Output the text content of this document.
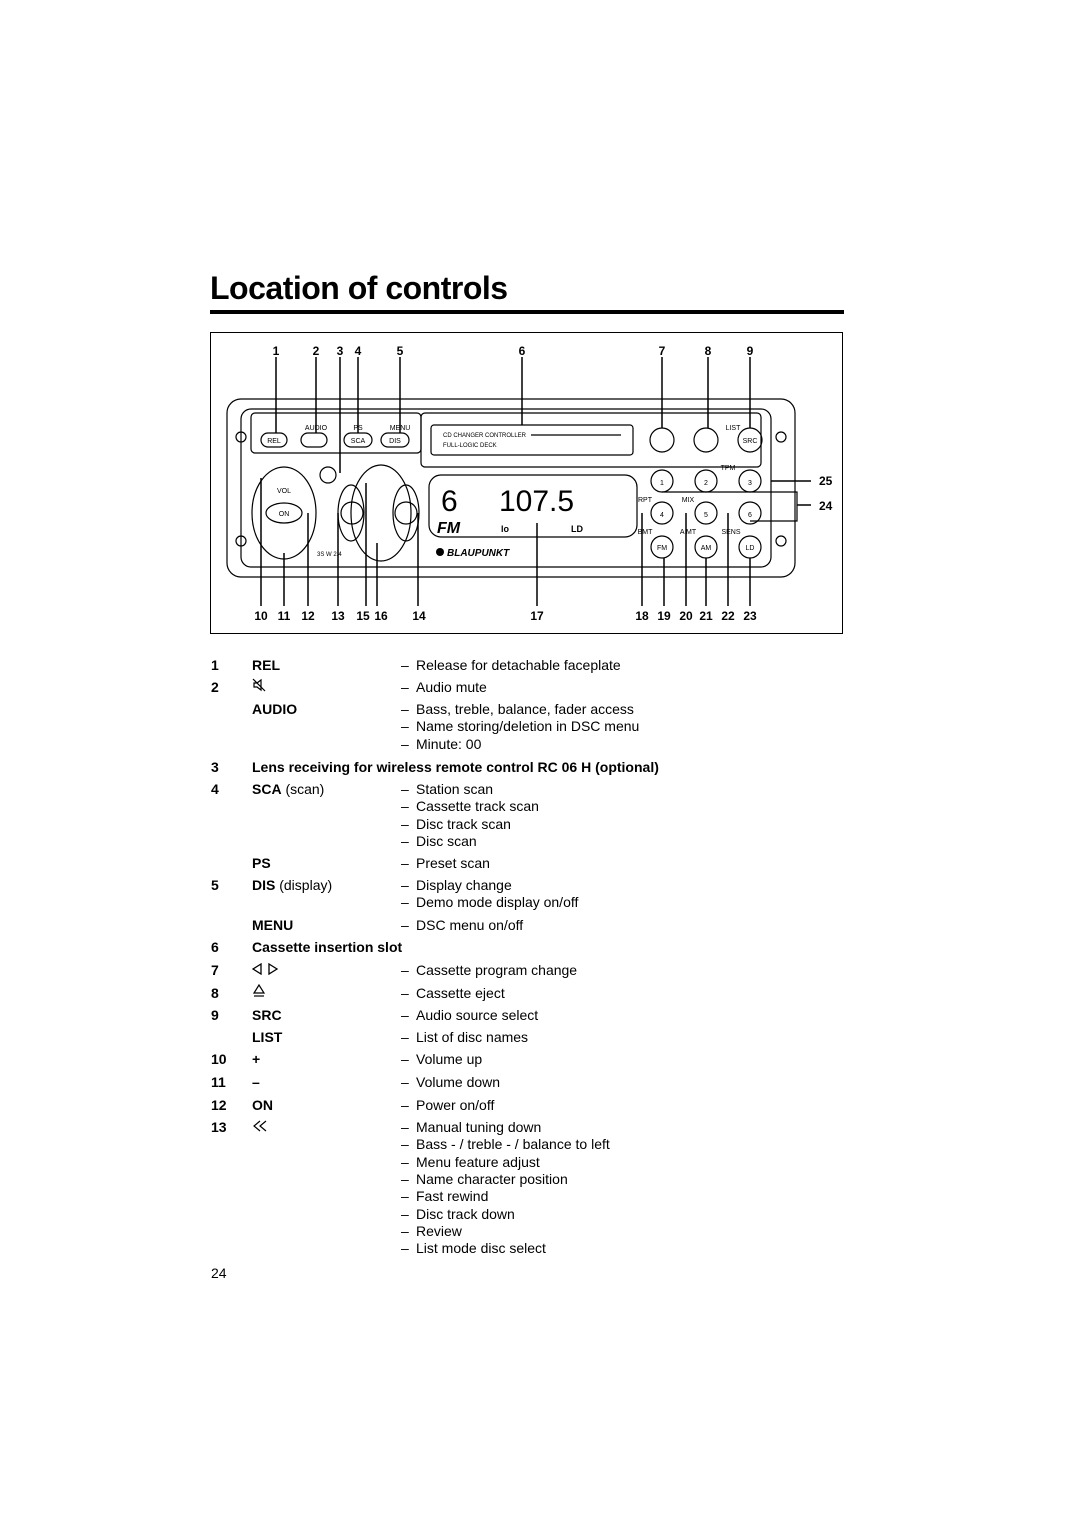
Location of controls
1	2 3 4	5	6	7	8	9
25
24
10 11 12 13 15 16 14	17	18 19 20 21 22 23
REL
AUDIO	PS	MENU
SCA	DIS
LIST
SRC
VOL
ON
1	2	3
4	5	6
TPM
RPT	MIX
BMT	A MT	SENS
FM	AM	LD
CD CHANGER CONTROLLER
FULL-LOGIC DECK
3S W 2.4
6 107.5
FM	lo	LD
BLAUPUNKT
1 REL	– Release for detachable faceplate
2	– Audio mute
AUDIO	– Bass, treble, balance, fader access
– Name storing/deletion in DSC menu
– Minute: 00
3 Lens receiving for wireless remote control RC 06 H (optional)
4 SCA (scan)	– Station scan
– Cassette track scan
– Disc track scan
– Disc scan
PS	– Preset scan
5 DIS (display)	– Display change
– Demo mode display on/off
MENU	– DSC menu on/off
6 Cassette insertion slot
7	– Cassette program change
8	– Cassette eject
9 SRC	– Audio source select
LIST	– List of disc names
10 +	– Volume up
11 –	– Volume down
12 ON	– Power on/off
13	– Manual tuning down
– Bass - / treble - / balance to left
– Menu feature adjust
– Name character position
– Fast rewind
– Disc track down
– Review
– List mode disc select
24
